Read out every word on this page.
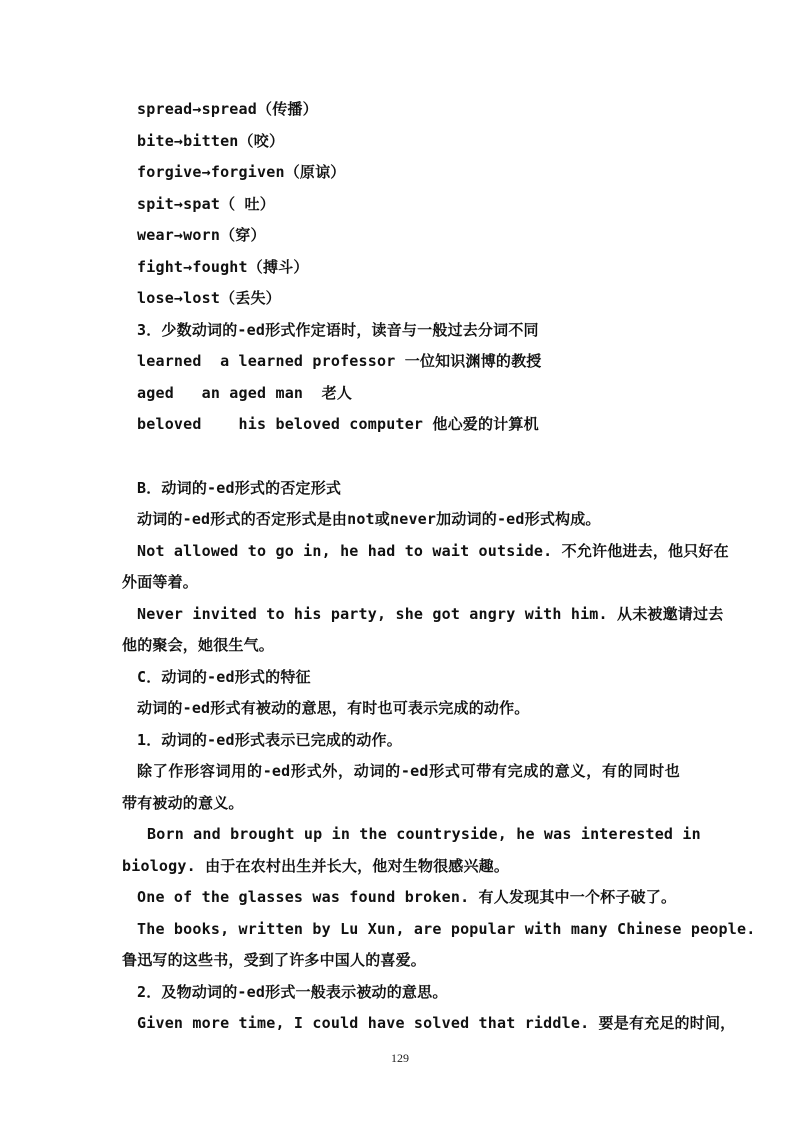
spread→spread（传播）
bite→bitten（咬）
forgive→forgiven（原谅）
spit→spat（ 吐）
wear→worn（穿）
fight→fought（搏斗）
lose→lost（丢失）
3．少数动词的-ed形式作定语时，读音与一般过去分词不同
learned  a learned professor 一位知识渊博的教授
aged   an aged man  老人
beloved    his beloved computer 他心爱的计算机
B．动词的-ed形式的否定形式
动词的-ed形式的否定形式是由not或never加动词的-ed形式构成。
Not allowed to go in, he had to wait outside. 不允许他进去，他只好在
外面等着。
Never invited to his party, she got angry with him. 从未被邀请过去
他的聚会，她很生气。
C．动词的-ed形式的特征
动词的-ed形式有被动的意思，有时也可表示完成的动作。
1．动词的-ed形式表示已完成的动作。
除了作形容词用的-ed形式外，动词的-ed形式可带有完成的意义，有的同时也
带有被动的意义。
Born and brought up in the countryside, he was interested in
biology. 由于在农村出生并长大，他对生物很感兴趣。
One of the glasses was found broken. 有人发现其中一个杯子破了。
The books, written by Lu Xun, are popular with many Chinese people.
鲁迅写的这些书，受到了许多中国人的喜爱。
2．及物动词的-ed形式一般表示被动的意思。
Given more time, I could have solved that riddle. 要是有充足的时间，
129
